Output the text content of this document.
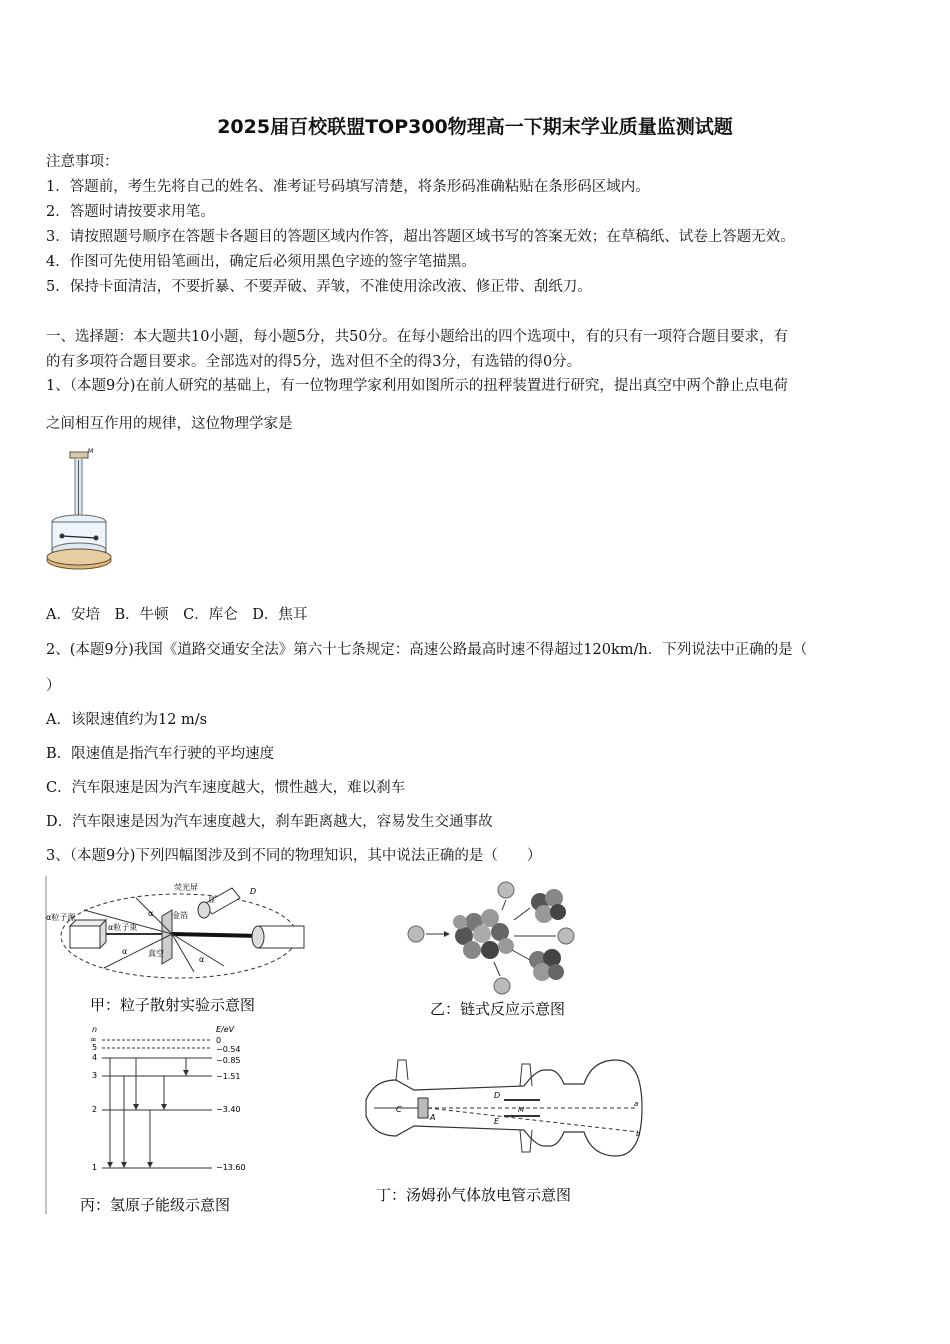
2025届百校联盟TOP300物理高一下期末学业质量监测试题
注意事项：
1．答题前，考生先将自己的姓名、准考证号码填写清楚，将条形码准确粘贴在条形码区域内。
2．答题时请按要求用笔。
3．请按照题号顺序在答题卡各题目的答题区域内作答，超出答题区域书写的答案无效；在草稿纸、试卷上答题无效。
4．作图可先使用铅笔画出，确定后必须用黑色字迹的签字笔描黑。
5．保持卡面清洁，不要折暴、不要弄破、弄皱，不准使用涂改液、修正带、刮纸刀。
一、选择题：本大题共10小题，每小题5分，共50分。在每小题给出的四个选项中，有的只有一项符合题目要求，有
的有多项符合题目要求。全部选对的得5分，选对但不全的得3分，有选错的得0分。
1、（本题9分)在前人研究的基础上，有一位物理学家利用如图所示的扭秤装置进行研究，提出真空中两个静止点电荷
之间相互作用的规律，这位物理学家是
M
A．安培　B．牛顿　C．库仑　D．焦耳
2、(本题9分)我国《道路交通安全法》第六十七条规定：高速公路最高时速不得超过120km/h．下列说法中正确的是（
）
A．该限速值约为12 m/s
B．限速值是指汽车行驶的平均速度
C．汽车限速是因为汽车速度越大，惯性越大，难以刹车
D．汽车限速是因为汽车速度越大，刹车距离越大，容易发生交通事故
3、（本题9分)下列四幅图涉及到不同的物理知识，其中说法正确的是（　　）
α粒子源
α粒子束
荧光屏
金箔
真空
α
α
α
显
D
甲：粒子散射实验示意图	乙：链式反应示意图
n	E/eV
∞	0
5	−0.54
4	−0.85
3	−1.51
2	−3.40
1	−13.60
丙：氢原子能级示意图
C
A
D
E
M
a
b
丁：汤姆孙气体放电管示意图
